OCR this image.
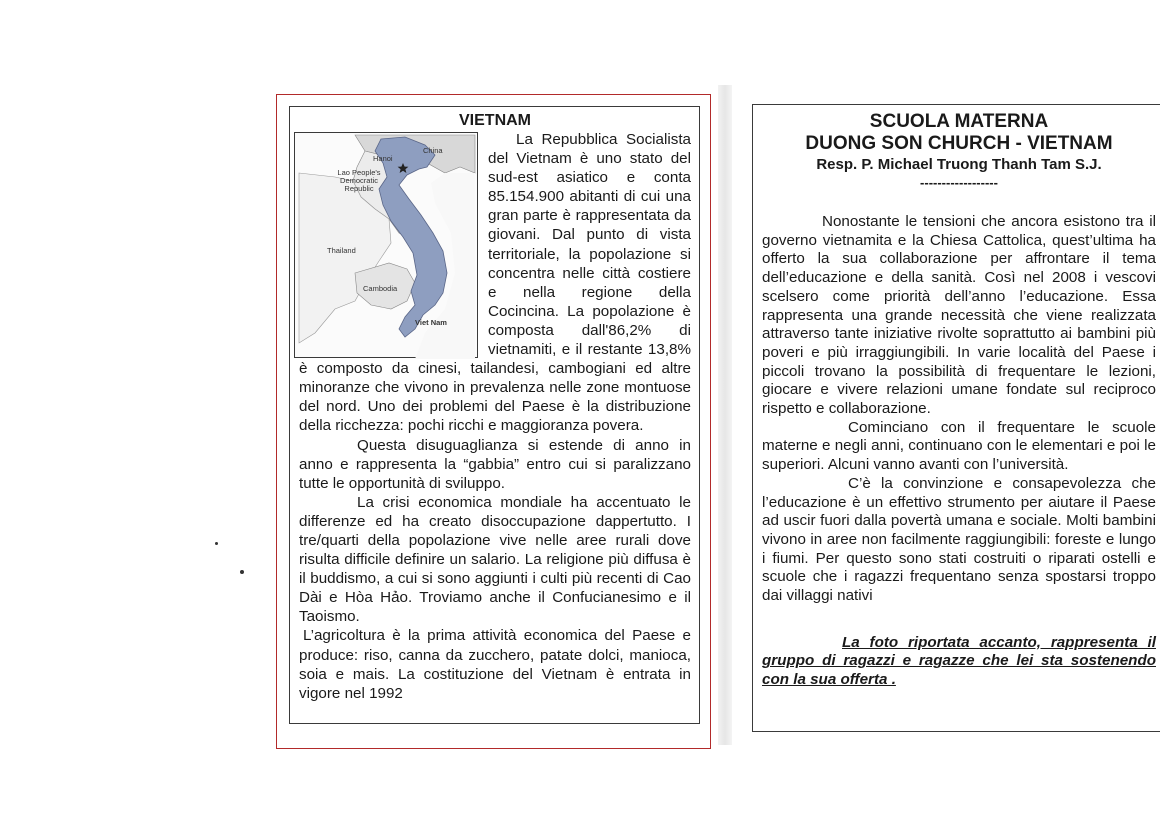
VIETNAM
China
Hanoi
Lao People's
Democratic
Republic
Thailand
Cambodia
Viet Nam

La Repubblica Socialista del Vietnam è uno stato del sud-est asiatico e conta 85.154.900 abitanti di cui una gran parte è rappresentata da giovani. Dal punto di vista territoriale, la popolazione si concentra nelle città costiere e nella regione della Cocincina. La popolazione è composta dall'86,2% di vietnamiti, e il restante 13,8% è composto da cinesi, tailandesi, cambogiani ed altre minoranze che vivono in prevalenza nelle zone montuose del nord. Uno dei problemi del Paese è la distribuzione della ricchezza: pochi ricchi e maggioranza povera.

Questa disuguaglianza si estende di anno in anno e rappresenta la “gabbia” entro cui si paralizzano tutte le opportunità di sviluppo.

La crisi economica mondiale ha accentuato le differenze ed ha creato disoccupazione dappertutto. I tre/quarti della popolazione vive nelle aree rurali dove risulta difficile definire un salario. La religione più diffusa è il buddismo, a cui si sono aggiunti i culti più recenti di Cao Dài e Hòa Hảo. Troviamo anche il Confucianesimo e il Taoismo.

L’agricoltura è la prima attività economica del Paese e produce: riso, canna da zucchero, patate dolci, manioca, soia e mais. La costituzione del Vietnam è entrata in vigore nel 1992

SCUOLA MATERNA
DUONG SON CHURCH - VIETNAM
Resp. P. Michael Truong Thanh Tam S.J.
------------------

Nonostante le tensioni che ancora esistono tra il governo vietnamita e la Chiesa Cattolica, quest’ultima ha offerto la sua collaborazione per affrontare il tema dell’educazione e della sanità. Così nel 2008 i vescovi scelsero come priorità dell’anno l’educazione. Essa rappresenta una grande necessità che viene realizzata attraverso tante iniziative rivolte soprattutto ai bambini più poveri e più irraggiungibili. In varie località del Paese i piccoli trovano la possibilità di frequentare le lezioni, giocare e vivere relazioni umane fondate sul reciproco rispetto e collaborazione.

Cominciano con il frequentare le scuole materne e negli anni, continuano con le elementari e poi le superiori. Alcuni vanno avanti con l’università.

C’è la convinzione e consapevolezza che l’educazione è un effettivo strumento per aiutare il Paese ad uscir fuori dalla povertà umana e sociale. Molti bambini vivono in aree non facilmente raggiungibili: foreste e lungo i fiumi. Per questo sono stati costruiti o riparati ostelli e scuole che i ragazzi frequentano senza spostarsi troppo dai villaggi nativi

La foto riportata accanto, rappresenta il gruppo di ragazzi e ragazze che lei sta sostenendo con la sua offerta .
